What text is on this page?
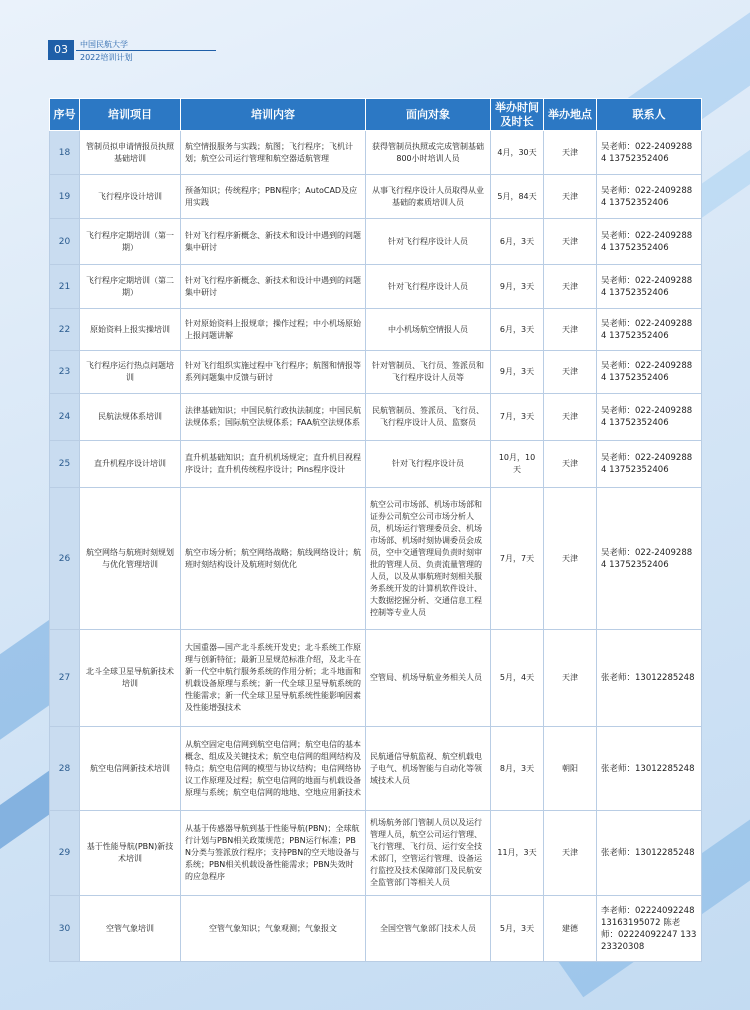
03	中国民航大学
2022培训计划
序号	培训项目	培训内容	面向对象	举办时间及时长	举办地点	联系人
18	管制员拟申请情报员执照基础培训	航空情报服务与实践；航图；飞行程序；飞机计划；航空公司运行管理和航空器适航管理	获得管制员执照或完成管制基础800小时培训人员	4月，30天	天津	吴老师：022-24092884 13752352406
19	飞行程序设计培训	预备知识；传统程序；PBN程序；AutoCAD及应用实践	从事飞行程序设计人员取得从业基础的素质培训人员	5月，84天	天津	吴老师：022-24092884 13752352406
20	飞行程序定期培训（第一期）	针对飞行程序新概念、新技术和设计中遇到的问题集中研讨	针对飞行程序设计人员	6月，3天	天津	吴老师：022-24092884 13752352406
21	飞行程序定期培训（第二期）	针对飞行程序新概念、新技术和设计中遇到的问题集中研讨	针对飞行程序设计人员	9月，3天	天津	吴老师：022-24092884 13752352406
22	原始资料上报实操培训	针对原始资料上报规章；操作过程；中小机场原始上报问题讲解	中小机场航空情报人员	6月，3天	天津	吴老师：022-24092884 13752352406
23	飞行程序运行热点问题培训	针对飞行组织实施过程中飞行程序；航图和情报等系列问题集中反馈与研讨	针对管制员、飞行员、签派员和飞行程序设计人员等	9月，3天	天津	吴老师：022-24092884 13752352406
24	民航法规体系培训	法律基础知识；中国民航行政执法制度；中国民航法规体系；国际航空法规体系；FAA航空法规体系	民航管制员、签派员、飞行员、飞行程序设计人员、监察员	7月，3天	天津	吴老师：022-24092884 13752352406
25	直升机程序设计培训	直升机基础知识；直升机机场规定；直升机目视程序设计；直升机传统程序设计；Pins程序设计	针对飞行程序设计员	10月，10天	天津	吴老师：022-24092884 13752352406
26	航空网络与航班时刻规划与优化管理培训	航空市场分析；航空网络战略；航线网络设计；航班时刻结构设计及航班时刻优化	航空公司市场部、机场市场部和证券公司航空公司市场分析人员，机场运行管理委员会、机场市场部、机场时刻协调委员会成员，空中交通管理局负责时刻审批的管理人员、负责流量管理的人员，以及从事航班时刻相关服务系统开发的计算机软件设计、大数据挖掘分析、交通信息工程控制等专业人员	7月，7天	天津	吴老师：022-24092884 13752352406
27	北斗全球卫星导航新技术培训	大国重器—国产北斗系统开发史；北斗系统工作原理与创新特征；最新卫星规范标准介绍，及北斗在新一代空中航行服务系统的作用分析；北斗地面和机载设备原理与系统；新一代全球卫星导航系统的性能需求；新一代全球卫星导航系统性能影响因素及性能增强技术	空管局、机场导航业务相关人员	5月，4天	天津	张老师：13012285248
28	航空电信网新技术培训	从航空固定电信网到航空电信网；航空电信的基本概念、组成及关键技术；航空电信网的组网结构及特点；航空电信网的模型与协议结构；电信网络协议工作原理及过程；航空电信网的地面与机载设备原理与系统；航空电信网的地地、空地应用新技术	民航通信导航监视、航空机载电子电气、机场智能与自动化等领域技术人员	8月，3天	朝阳	张老师：13012285248
29	基于性能导航(PBN)新技术培训	从基于传感器导航到基于性能导航(PBN)；全球航行计划与PBN相关政策规范；PBN运行标准；PBN分类与签派放行程序；支持PBN的空天地设备与系统；PBN相关机载设备性能需求；PBN失效时的应急程序	机场航务部门管制人员以及运行管理人员，航空公司运行管理、飞行管理、飞行员、运行安全技术部门，空管运行管理、设备运行监控及技术保障部门及民航安全监管部门等相关人员	11月，3天	天津	张老师：13012285248
30	空管气象培训	空管气象知识；气象观测；气象报文	全国空管气象部门技术人员	5月，3天	建德	李老师：02224092248 13163195072 陈老师：02224092247 13323320308
